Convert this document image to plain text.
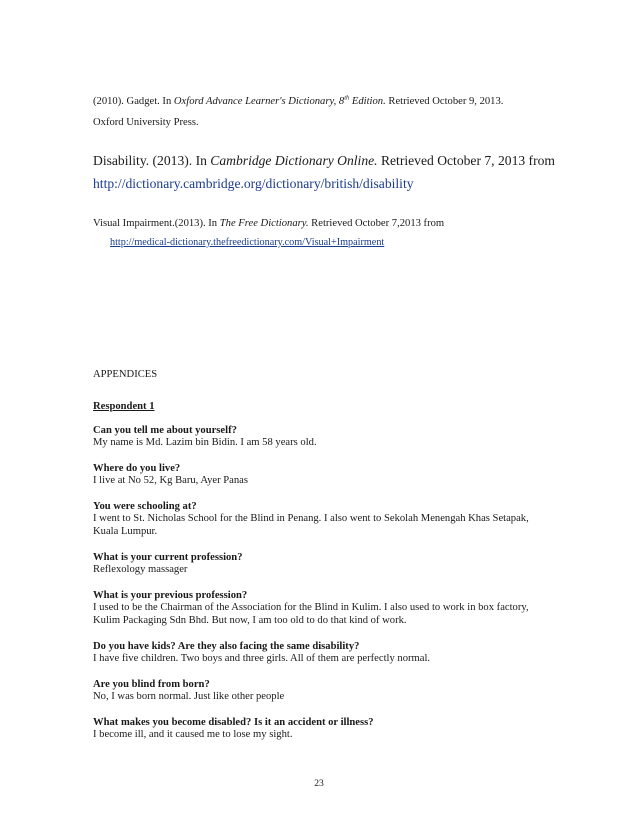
(2010). Gadget. In Oxford Advance Learner's Dictionary, 8th Edition. Retrieved October 9, 2013.
Oxford University Press.
Disability. (2013). In Cambridge Dictionary Online. Retrieved October 7, 2013 from
http://dictionary.cambridge.org/dictionary/british/disability
Visual Impairment.(2013). In The Free Dictionary. Retrieved October 7,2013 from
http://medical-dictionary.thefreedictionary.com/Visual+Impairment
APPENDICES
Respondent 1
Can you tell me about yourself?
My name is Md. Lazim bin Bidin. I am 58 years old.
Where do you live?
I live at No 52, Kg Baru, Ayer Panas
You were schooling at?
I went to St. Nicholas School for the Blind in Penang. I also went to Sekolah Menengah Khas Setapak,
Kuala Lumpur.
What is your current profession?
Reflexology massager
What is your previous profession?
I used to be the Chairman of the Association for the Blind in Kulim. I also used to work in box factory,
Kulim Packaging Sdn Bhd. But now, I am too old to do that kind of work.
Do you have kids? Are they also facing the same disability?
I have five children. Two boys and three girls. All of them are perfectly normal.
Are you blind from born?
No, I was born normal. Just like other people
What makes you become disabled? Is it an accident or illness?
I become ill, and it caused me to lose my sight.
23
